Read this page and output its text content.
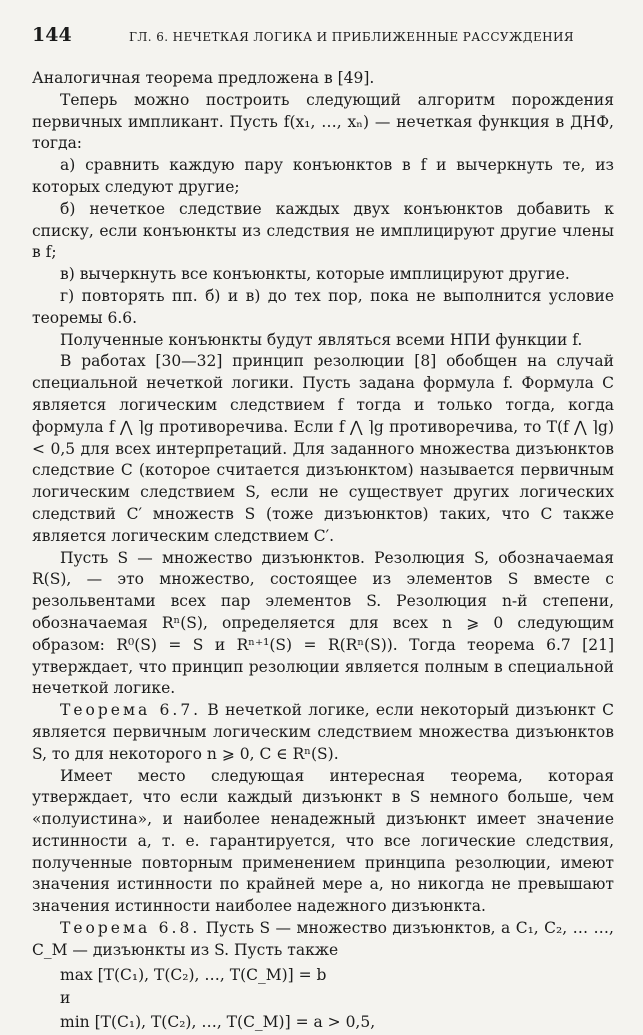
144	ГЛ. 6. НЕЧЕТКАЯ ЛОГИКА И ПРИБЛИЖЕННЫЕ РАССУЖДЕНИЯ

Аналогичная теорема предложена в [49].

Теперь можно построить следующий алгоритм порождения первичных импликант. Пусть f(x₁, …, xₙ) — нечеткая функция в ДНФ, тогда:

а) сравнить каждую пару конъюнктов в f и вычеркнуть те, из которых следуют другие;

б) нечеткое следствие каждых двух конъюнктов добавить к списку, если конъюнкты из следствия не имплицируют другие члены в f;

в) вычеркнуть все конъюнкты, которые имплицируют другие.

г) повторять пп. б) и в) до тех пор, пока не выполнится условие теоремы 6.6.

Полученные конъюнкты будут являться всеми НПИ функции f.

В работах [30—32] принцип резолюции [8] обобщен на случай специальной нечеткой логики. Пусть задана формула f. Формула C является логическим следствием f тогда и только тогда, когда формула f ⋀ ⌉g противоречива. Если f ⋀ ⌉g противоречива, то T(f ⋀ ⌉g) < 0,5 для всех интерпретаций. Для заданного множества дизъюнктов следствие C (которое считается дизъюнктом) называется первичным логическим следствием S, если не существует других логических следствий C′ множеств S (тоже дизъюнктов) таких, что C также является логическим следствием C′.

Пусть S — множество дизъюнктов. Резолюция S, обозначаемая R(S), — это множество, состоящее из элементов S вместе с резольвентами всех пар элементов S. Резолюция n-й степени, обозначаемая Rⁿ(S), определяется для всех n ⩾ 0 следующим образом: R⁰(S) = S и Rⁿ⁺¹(S) = R(Rⁿ(S)). Тогда теорема 6.7 [21] утверждает, что принцип резолюции является полным в специальной нечеткой логике.

Теорема 6.7. В нечеткой логике, если некоторый дизъюнкт C является первичным логическим следствием множества дизъюнктов S, то для некоторого n ⩾ 0, C ∈ Rⁿ(S).

Имеет место следующая интересная теорема, которая утверждает, что если каждый дизъюнкт в S немного больше, чем «полуистина», и наиболее ненадежный дизъюнкт имеет значение истинности a, т. е. гарантируется, что все логические следствия, полученные повторным применением принципа резолюции, имеют значения истинности по крайней мере a, но никогда не превышают значения истинности наиболее надежного дизъюнкта.

Теорема 6.8. Пусть S — множество дизъюнктов, а C₁, C₂, … …, C_M — дизъюнкты из S. Пусть также

max [T(C₁), T(C₂), …, T(C_M)] = b

и

min [T(C₁), T(C₂), …, T(C_M)] = a > 0,5,
